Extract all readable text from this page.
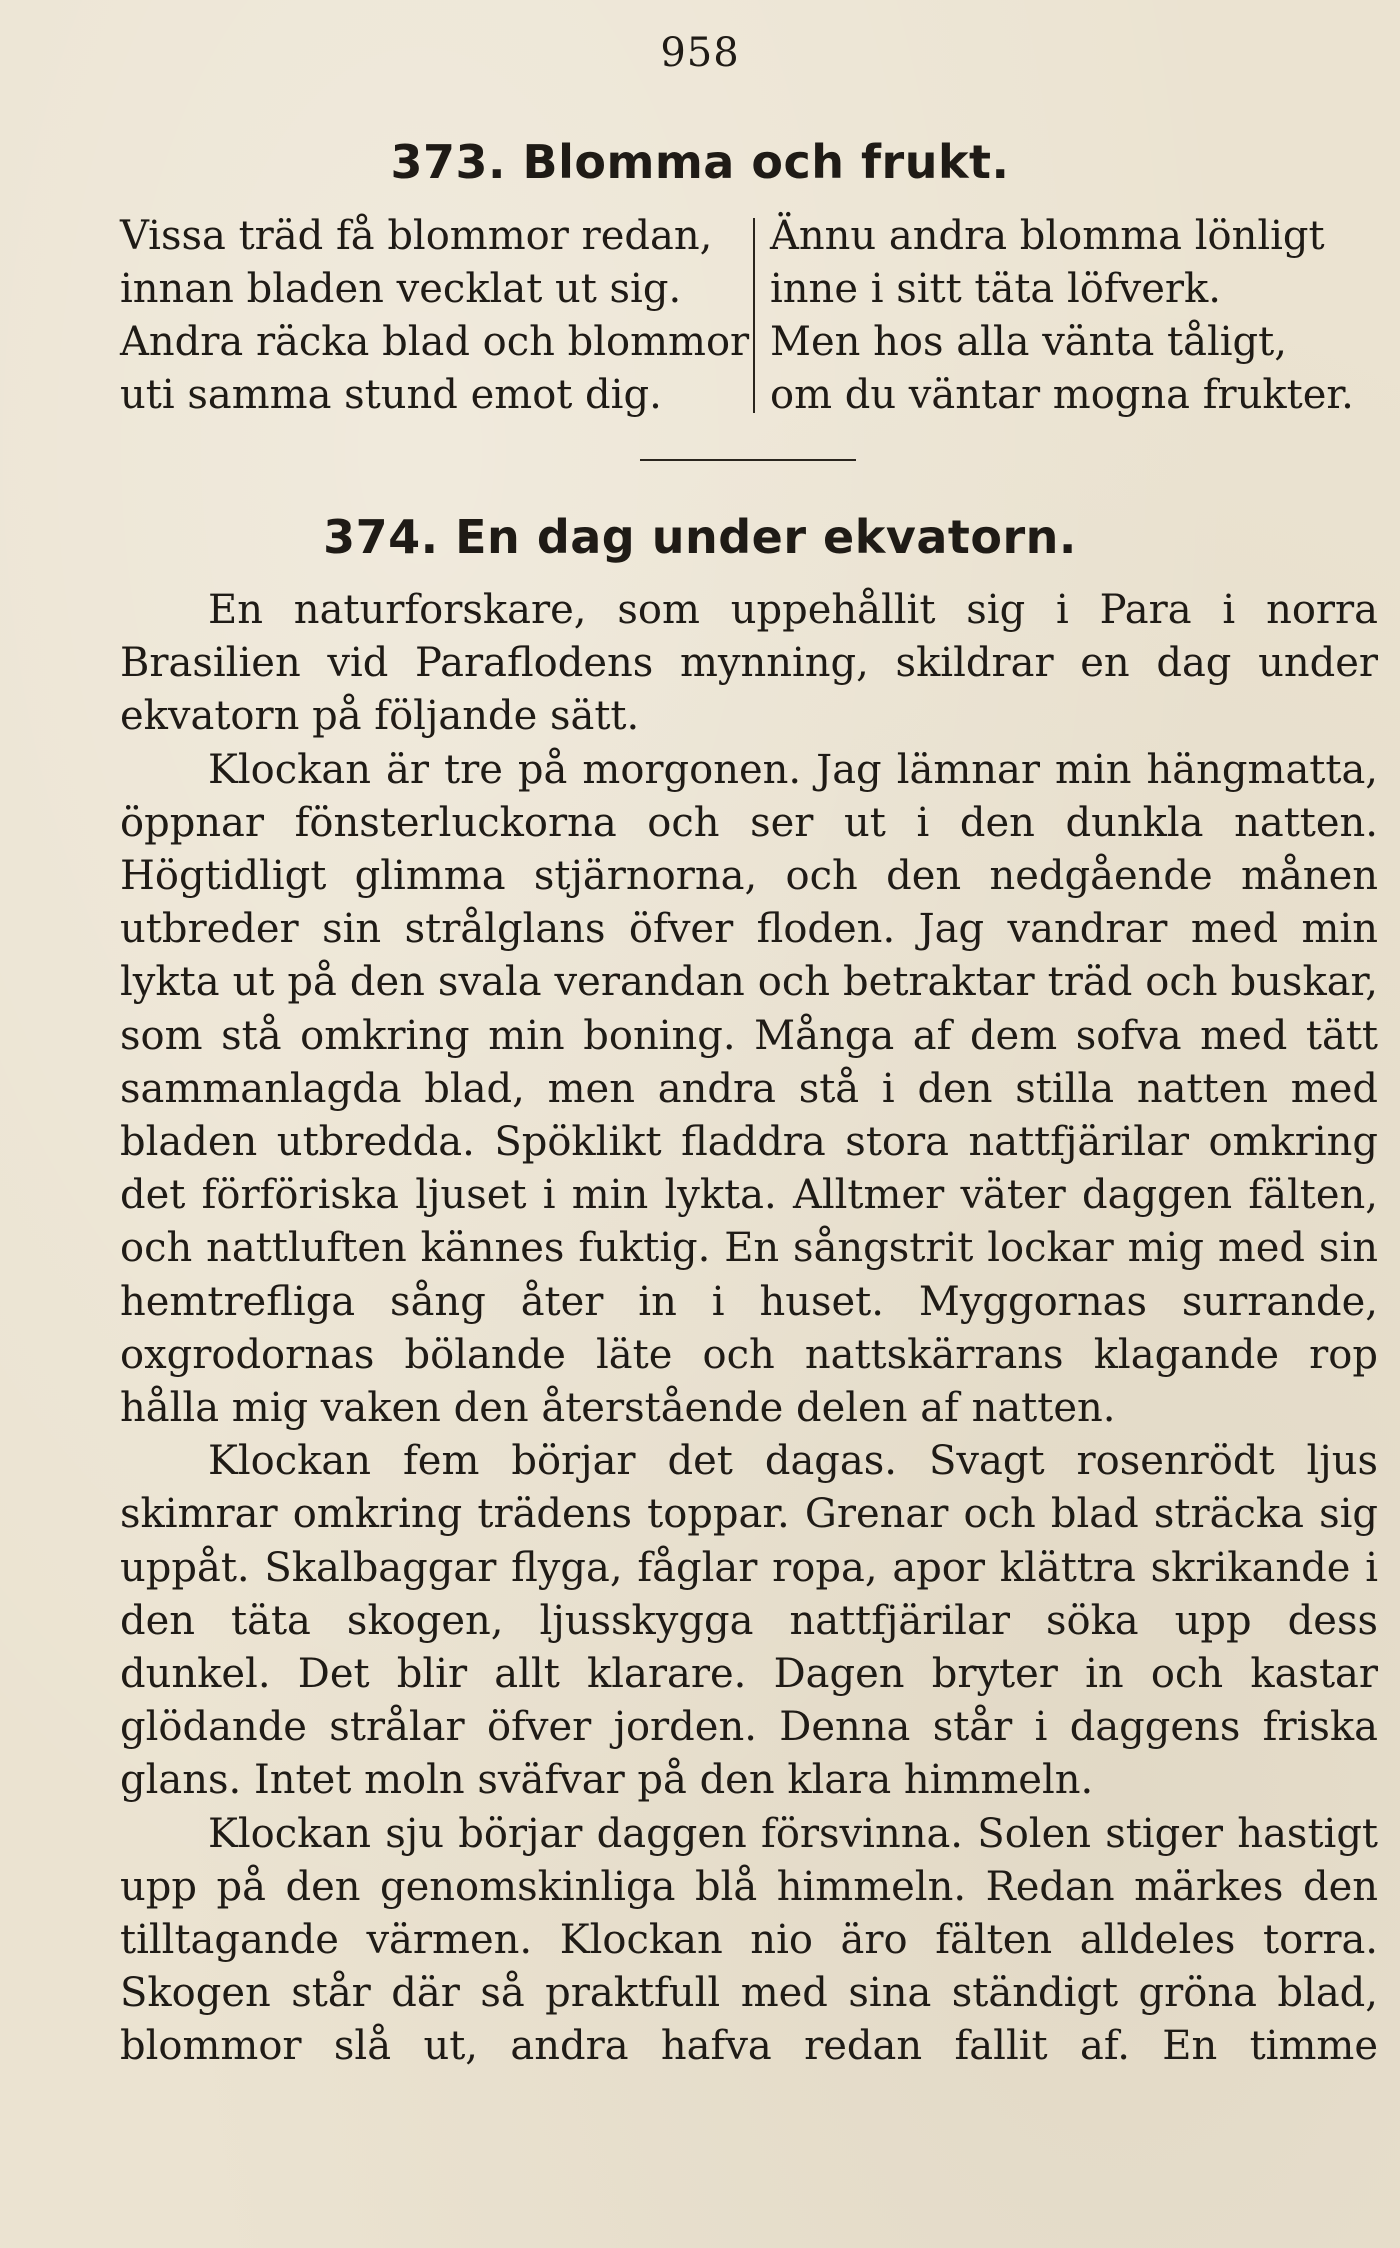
958
373. Blomma och frukt.
Vissa träd få blommor redan,
innan bladen vecklat ut sig.
Andra räcka blad och blommor
uti samma stund emot dig.
Ännu andra blomma lönligt
inne i sitt täta löfverk.
Men hos alla vänta tåligt,
om du väntar mogna frukter.
374. En dag under ekvatorn.

En naturforskare, som uppehållit sig i Para i norra Brasilien vid Paraflodens mynning, skildrar en dag under ekvatorn på följande sätt.

Klockan är tre på morgonen. Jag lämnar min hängmatta, öppnar fönsterluckorna och ser ut i den dunkla natten. Högtidligt glimma stjärnorna, och den nedgående månen utbreder sin strålglans öfver floden. Jag vandrar med min lykta ut på den svala verandan och betraktar träd och buskar, som stå omkring min boning. Många af dem sofva med tätt sammanlagda blad, men andra stå i den stilla natten med bladen utbredda. Spöklikt fladdra stora nattfjärilar omkring det förföriska ljuset i min lykta. Alltmer väter daggen fälten, och nattluften kännes fuktig. En sångstrit lockar mig med sin hemtrefliga sång åter in i huset. Myggornas surrande, oxgrodornas bölande läte och nattskärrans klagande rop hålla mig vaken den återstående delen af natten.

Klockan fem börjar det dagas. Svagt rosenrödt ljus skimrar omkring trädens toppar. Grenar och blad sträcka sig uppåt. Skalbaggar flyga, fåglar ropa, apor klättra skrikande i den täta skogen, ljusskygga nattfjärilar söka upp dess dunkel. Det blir allt klarare. Dagen bryter in och kastar glödande strålar öfver jorden. Denna står i daggens friska glans. Intet moln sväfvar på den klara himmeln.

Klockan sju börjar daggen försvinna. Solen stiger hastigt upp på den genomskinliga blå himmeln. Redan märkes den tilltagande värmen. Klockan nio äro fälten alldeles torra. Skogen står där så praktfull med sina ständigt gröna blad, blommor slå ut, andra hafva redan fallit af. En timme
